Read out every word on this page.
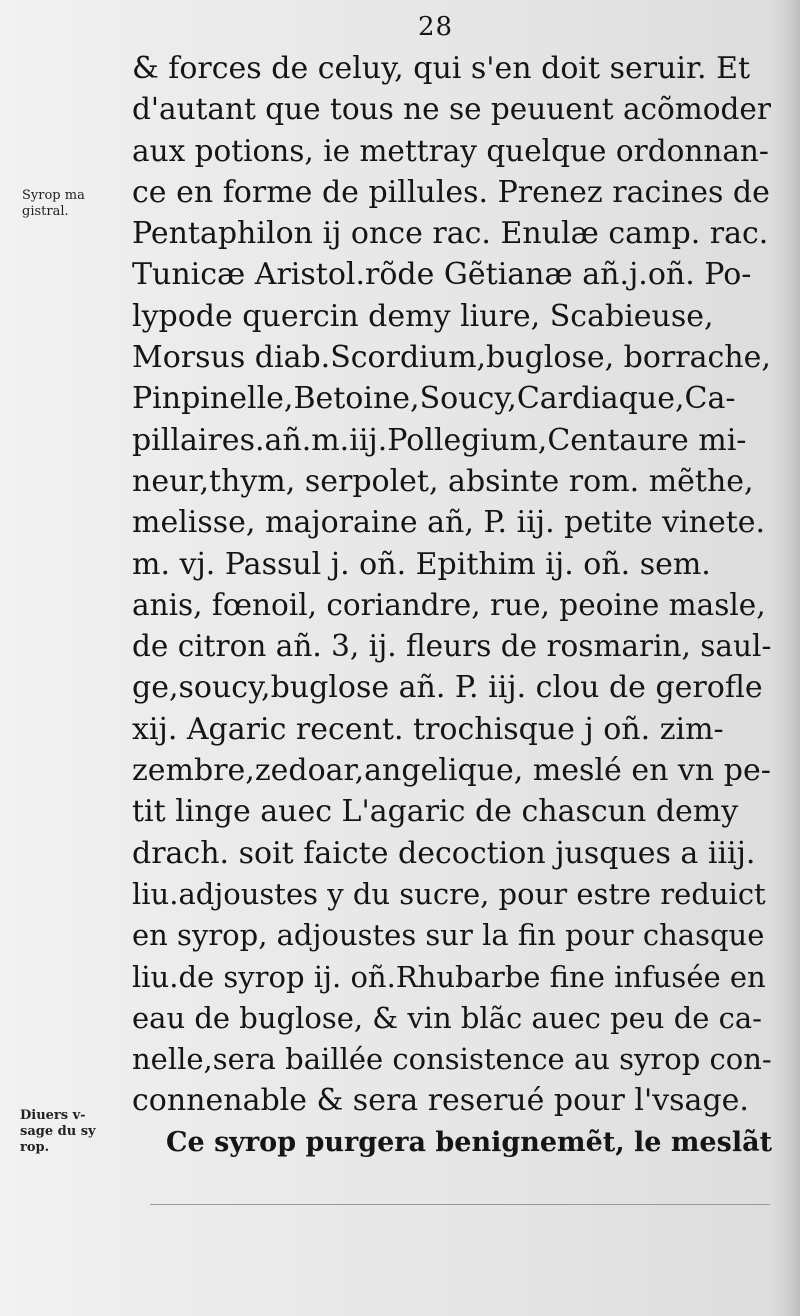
28
Syrop ma
gistral.
Diuers v-
sage du sy
rop.
& forces de celuy, qui s'en doit seruir. Et
d'autant que tous ne se peuuent acõmoder
aux potions, ie mettray quelque ordonnan-
ce en forme de pillules. Prenez racines de
Pentaphilon ij once rac. Enulæ camp. rac.
Tunicæ Aristol.rõde Gẽtianæ añ.j.oñ. Po-
lypode quercin demy liure, Scabieuse,
Morsus diab.Scordium,buglose, borrache,
Pinpinelle,Betoine,Soucy,Cardiaque,Ca-
pillaires.añ.m.iij.Pollegium,Centaure mi-
neur,thym, serpolet, absinte rom. mẽthe,
melisse, majoraine añ, P. iij. petite vinete.
m. vj. Passul j. oñ. Epithim ij. oñ. sem.
anis, fœnoil, coriandre, rue, peoine masle,
de citron añ. 3, ij. fleurs de rosmarin, saul-
ge,soucy,buglose añ. P. iij. clou de gerofle
xij. Agaric recent. trochisque j oñ. zim-
zembre,zedoar,angelique, meslé en vn pe-
tit linge auec L'agaric de chascun demy
drach. soit faicte decoction jusques a iiij.
liu.adjoustes y du sucre, pour estre reduict
en syrop, adjoustes sur la fin pour chasque
liu.de syrop ij. oñ.Rhubarbe fine infusée en
eau de buglose, & vin blãc auec peu de ca-
nelle,sera baillée consistence au syrop con-
connenable & sera reserué pour l'vsage.
Ce syrop purgera benignemẽt, le meslãt
